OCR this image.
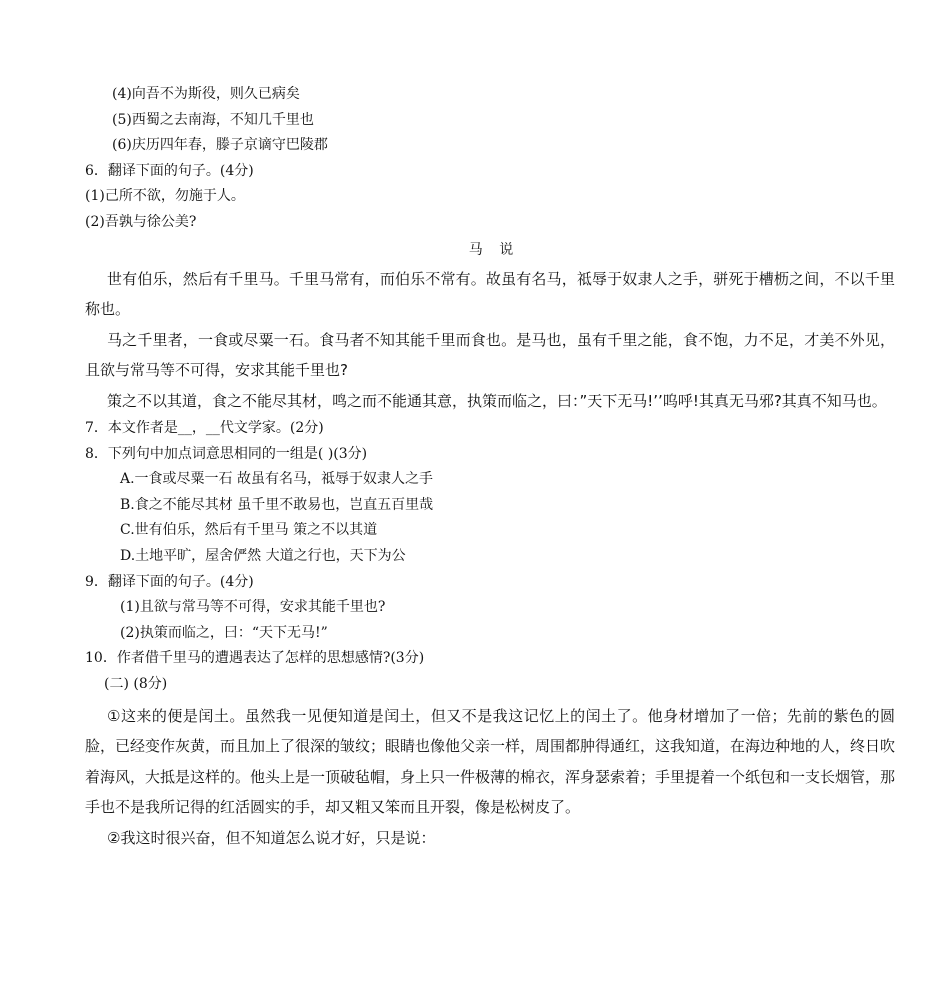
(4)向吾不为斯役，则久已病矣
(5)西蜀之去南海，不知几千里也
(6)庆历四年春，滕子京谪守巴陵郡
6．翻译下面的句子。(4分)
(1)己所不欲，勿施于人。
(2)吾孰与徐公美?
马 说

世有伯乐，然后有千里马。千里马常有，而伯乐不常有。故虽有名马，祗辱于奴隶人之手，骈死于槽枥之间，不以千里称也。

马之千里者，一食或尽粟一石。食马者不知其能千里而食也。是马也，虽有千里之能，食不饱，力不足，才美不外见，且欲与常马等不可得，安求其能千里也?

策之不以其道，食之不能尽其材，鸣之而不能通其意，执策而临之，曰：”天下无马!’’呜呼!其真无马邪?其真不知马也。

7．本文作者是__，__代文学家。(2分)
8．下列句中加点词意思相同的一组是( )(3分)
A.一食或尽粟一石 故虽有名马，祗辱于奴隶人之手
B.食之不能尽其材 虽千里不敢易也，岂直五百里哉
C.世有伯乐，然后有千里马 策之不以其道
D.土地平旷，屋舍俨然 大道之行也，天下为公
9．翻译下面的句子。(4分)
(1)且欲与常马等不可得，安求其能千里也?
(2)执策而临之，曰：“天下无马!”
10．作者借千里马的遭遇表达了怎样的思想感情?(3分)
(二) (8分)

①这来的便是闰土。虽然我一见便知道是闰土，但又不是我这记忆上的闰土了。他身材增加了一倍；先前的紫色的圆脸，已经变作灰黄，而且加上了很深的皱纹；眼睛也像他父亲一样，周围都肿得通红，这我知道，在海边种地的人，终日吹着海风，大抵是这样的。他头上是一顶破毡帽，身上只一件极薄的棉衣，浑身瑟索着；手里提着一个纸包和一支长烟管，那手也不是我所记得的红活圆实的手，却又粗又笨而且开裂，像是松树皮了。

②我这时很兴奋，但不知道怎么说才好，只是说：
